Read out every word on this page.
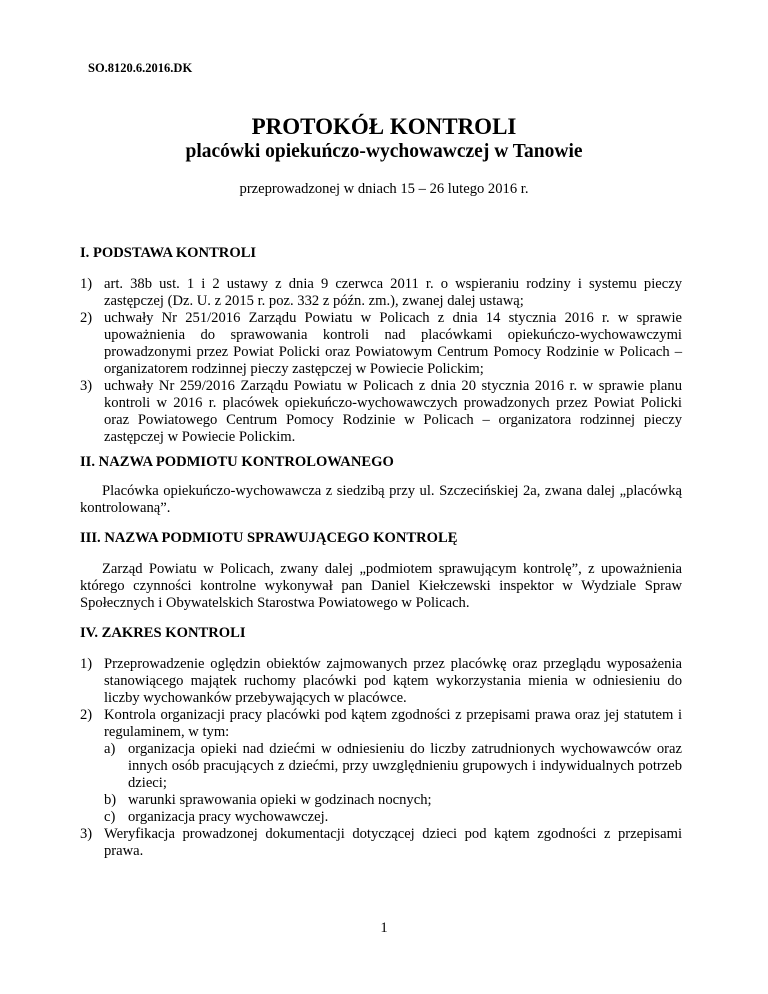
SO.8120.6.2016.DK
PROTOKÓŁ KONTROLI
placówki opiekuńczo-wychowawczej w Tanowie
przeprowadzonej w dniach 15 – 26 lutego 2016 r.
I. PODSTAWA KONTROLI
1) art. 38b ust. 1 i 2 ustawy z dnia 9 czerwca 2011 r. o wspieraniu rodziny i systemu pieczy zastępczej (Dz. U. z 2015 r. poz. 332 z późn. zm.), zwanej dalej ustawą;
2) uchwały Nr 251/2016 Zarządu Powiatu w Policach z dnia 14 stycznia 2016 r. w sprawie upoważnienia do sprawowania kontroli nad placówkami opiekuńczo-wychowawczymi prowadzonymi przez Powiat Policki oraz Powiatowym Centrum Pomocy Rodzinie w Policach – organizatorem rodzinnej pieczy zastępczej w Powiecie Polickim;
3) uchwały Nr 259/2016 Zarządu Powiatu w Policach z dnia 20 stycznia 2016 r. w sprawie planu kontroli w 2016 r. placówek opiekuńczo-wychowawczych prowadzonych przez Powiat Policki oraz Powiatowego Centrum Pomocy Rodzinie w Policach – organizatora rodzinnej pieczy zastępczej w Powiecie Polickim.
II. NAZWA PODMIOTU KONTROLOWANEGO

Placówka opiekuńczo-wychowawcza z siedzibą przy ul. Szczecińskiej 2a, zwana dalej „placówką kontrolowaną”.

III. NAZWA PODMIOTU SPRAWUJĄCEGO KONTROLĘ

Zarząd Powiatu w Policach, zwany dalej „podmiotem sprawującym kontrolę”, z upoważnienia którego czynności kontrolne wykonywał pan Daniel Kiełczewski inspektor w Wydziale Spraw Społecznych i Obywatelskich Starostwa Powiatowego w Policach.

IV. ZAKRES KONTROLI
1) Przeprowadzenie oględzin obiektów zajmowanych przez placówkę oraz przeglądu wyposażenia stanowiącego majątek ruchomy placówki pod kątem wykorzystania mienia w odniesieniu do liczby wychowanków przebywających w placówce.
2) Kontrola organizacji pracy placówki pod kątem zgodności z przepisami prawa oraz jej statutem i regulaminem, w tym:
a) organizacja opieki nad dziećmi w odniesieniu do liczby zatrudnionych wychowawców oraz innych osób pracujących z dziećmi, przy uwzględnieniu grupowych i indywidualnych potrzeb dzieci;
b) warunki sprawowania opieki w godzinach nocnych;
c) organizacja pracy wychowawczej.
3) Weryfikacja prowadzonej dokumentacji dotyczącej dzieci pod kątem zgodności z przepisami prawa.
1
